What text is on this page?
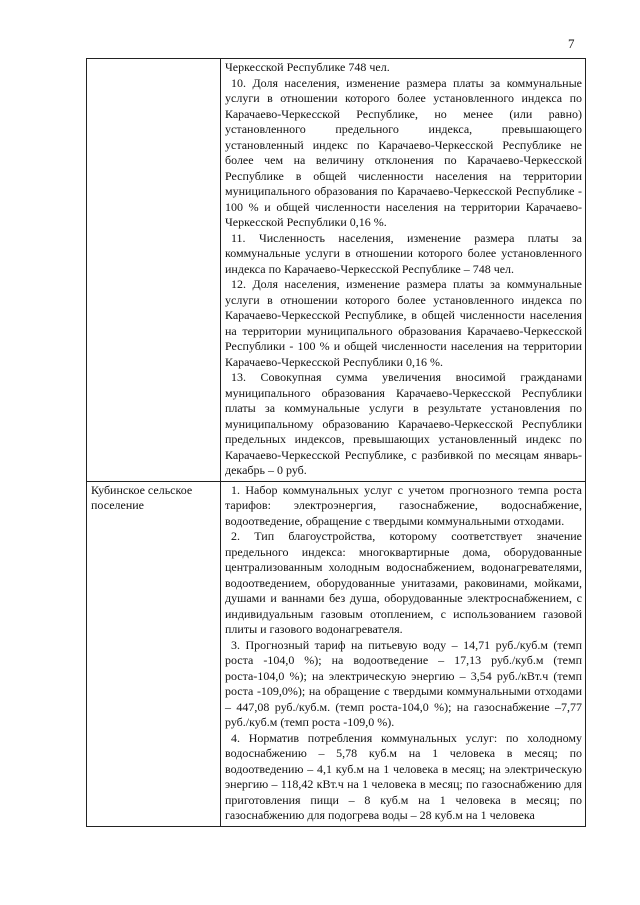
7

	Черкесской Республике 748 чел.

10. Доля населения, изменение размера платы за коммунальные услуги в отношении которого более установленного индекса по Карачаево-Черкесской Республике, но менее (или равно) установленного предельного индекса, превышающего установленный индекс по Карачаево-Черкесской Республике не более чем на величину отклонения по Карачаево-Черкесской Республике в общей численности населения на территории муниципального образования по Карачаево-Черкесской Республике - 100 % и общей численности населения на территории Карачаево-Черкесской Республики 0,16 %.

11. Численность населения, изменение размера платы за коммунальные услуги в отношении которого более установленного индекса по Карачаево-Черкесской Республике – 748 чел.

12. Доля населения, изменение размера платы за коммунальные услуги в отношении которого более установленного индекса по Карачаево-Черкесской Республике, в общей численности населения на территории муниципального образования Карачаево-Черкесской Республики - 100 % и общей численности населения на территории Карачаево-Черкесской Республики 0,16 %.

13. Совокупная сумма увеличения вносимой гражданами муниципального образования Карачаево-Черкесской Республики платы за коммунальные услуги в результате установления по муниципальному образованию Карачаево-Черкесской Республики предельных индексов, превышающих установленный индекс по Карачаево-Черкесской Республике, с разбивкой по месяцам январь-декабрь – 0 руб.

Кубинское сельское поселение	1. Набор коммунальных услуг с учетом прогнозного темпа роста тарифов: электроэнергия, газоснабжение, водоснабжение, водоотведение, обращение с твердыми коммунальными отходами.

2. Тип благоустройства, которому соответствует значение предельного индекса: многоквартирные дома, оборудованные централизованным холодным водоснабжением, водонагревателями, водоотведением, оборудованные унитазами, раковинами, мойками, душами и ваннами без душа, оборудованные электроснабжением, с индивидуальным газовым отоплением, с использованием газовой плиты и газового водонагревателя.

3. Прогнозный тариф на питьевую воду – 14,71 руб./куб.м (темп роста -104,0 %); на водоотведение – 17,13 руб./куб.м (темп роста-104,0 %); на электрическую энергию – 3,54 руб./кВт.ч (темп роста -109,0%); на обращение с твердыми коммунальными отходами – 447,08 руб./куб.м. (темп роста-104,0 %); на газоснабжение –7,77 руб./куб.м (темп роста -109,0 %).

4. Норматив потребления коммунальных услуг: по холодному водоснабжению – 5,78 куб.м на 1 человека в месяц; по водоотведению – 4,1 куб.м на 1 человека в месяц; на электрическую энергию – 118,42 кВт.ч на 1 человека в месяц; по газоснабжению для приготовления пищи – 8 куб.м на 1 человека в месяц; по газоснабжению для подогрева воды – 28 куб.м на 1 человека
